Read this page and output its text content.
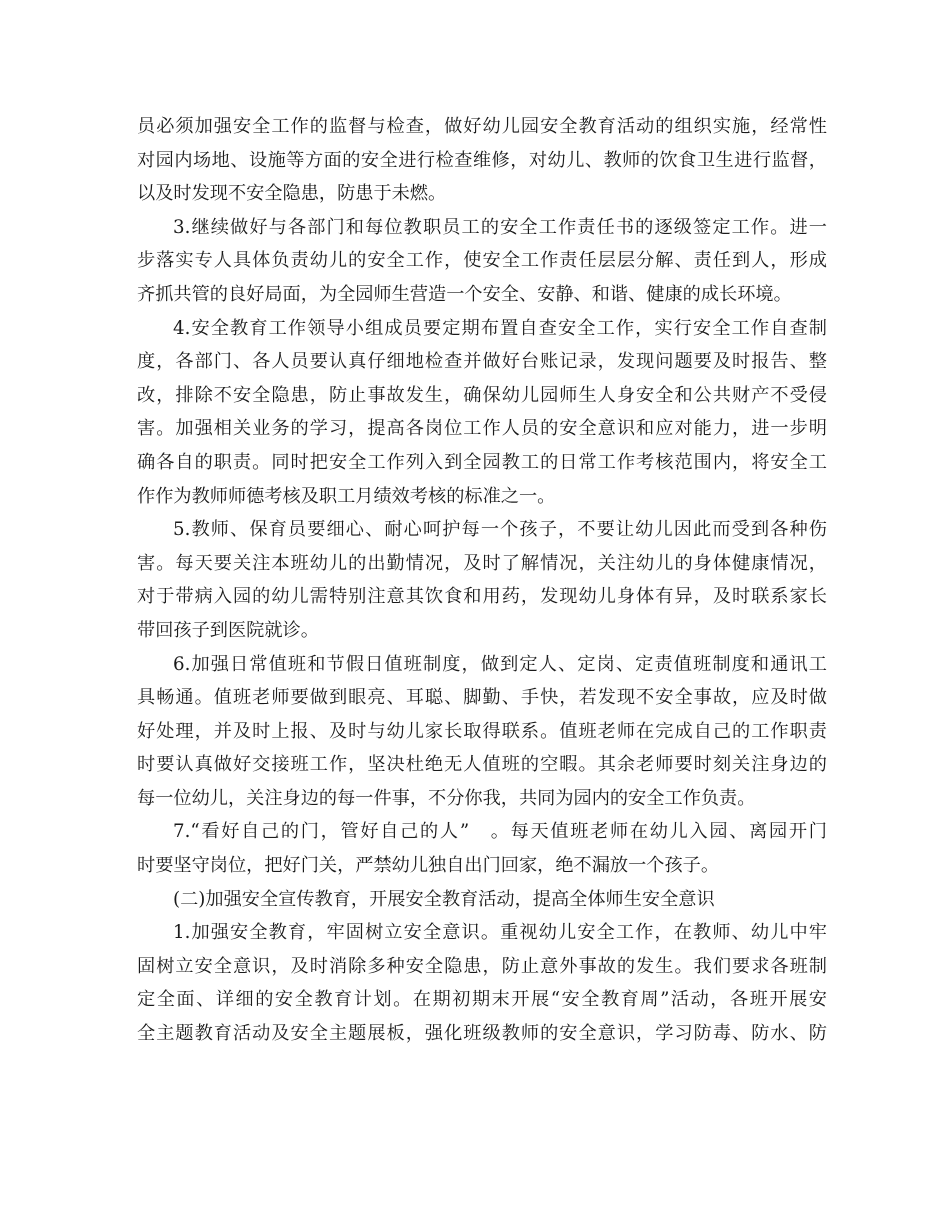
员必须加强安全工作的监督与检查，做好幼儿园安全教育活动的组织实施，经常性
对园内场地、设施等方面的安全进行检查维修，对幼儿、教师的饮食卫生进行监督，
以及时发现不安全隐患，防患于未燃。
3.继续做好与各部门和每位教职员工的安全工作责任书的逐级签定工作。进一
步落实专人具体负责幼儿的安全工作，使安全工作责任层层分解、责任到人，形成
齐抓共管的良好局面，为全园师生营造一个安全、安静、和谐、健康的成长环境。
4.安全教育工作领导小组成员要定期布置自查安全工作，实行安全工作自查制
度，各部门、各人员要认真仔细地检查并做好台账记录，发现问题要及时报告、整
改，排除不安全隐患，防止事故发生，确保幼儿园师生人身安全和公共财产不受侵
害。加强相关业务的学习，提高各岗位工作人员的安全意识和应对能力，进一步明
确各自的职责。同时把安全工作列入到全园教工的日常工作考核范围内，将安全工
作作为教师师德考核及职工月绩效考核的标准之一。
5.教师、保育员要细心、耐心呵护每一个孩子，不要让幼儿因此而受到各种伤
害。每天要关注本班幼儿的出勤情况，及时了解情况，关注幼儿的身体健康情况，
对于带病入园的幼儿需特别注意其饮食和用药，发现幼儿身体有异，及时联系家长
带回孩子到医院就诊。
6.加强日常值班和节假日值班制度，做到定人、定岗、定责值班制度和通讯工
具畅通。值班老师要做到眼亮、耳聪、脚勤、手快，若发现不安全事故，应及时做
好处理，并及时上报、及时与幼儿家长取得联系。值班老师在完成自己的工作职责
时要认真做好交接班工作，坚决杜绝无人值班的空暇。其余老师要时刻关注身边的
每一位幼儿，关注身边的每一件事，不分你我，共同为园内的安全工作负责。
7.“看好自己的门，管好自己的人”　。每天值班老师在幼儿入园、离园开门
时要坚守岗位，把好门关，严禁幼儿独自出门回家，绝不漏放一个孩子。
(二)加强安全宣传教育，开展安全教育活动，提高全体师生安全意识
1.加强安全教育，牢固树立安全意识。重视幼儿安全工作，在教师、幼儿中牢
固树立安全意识，及时消除多种安全隐患，防止意外事故的发生。我们要求各班制
定全面、详细的安全教育计划。在期初期末开展“安全教育周”活动，各班开展安
全主题教育活动及安全主题展板，强化班级教师的安全意识，学习防毒、防水、防
